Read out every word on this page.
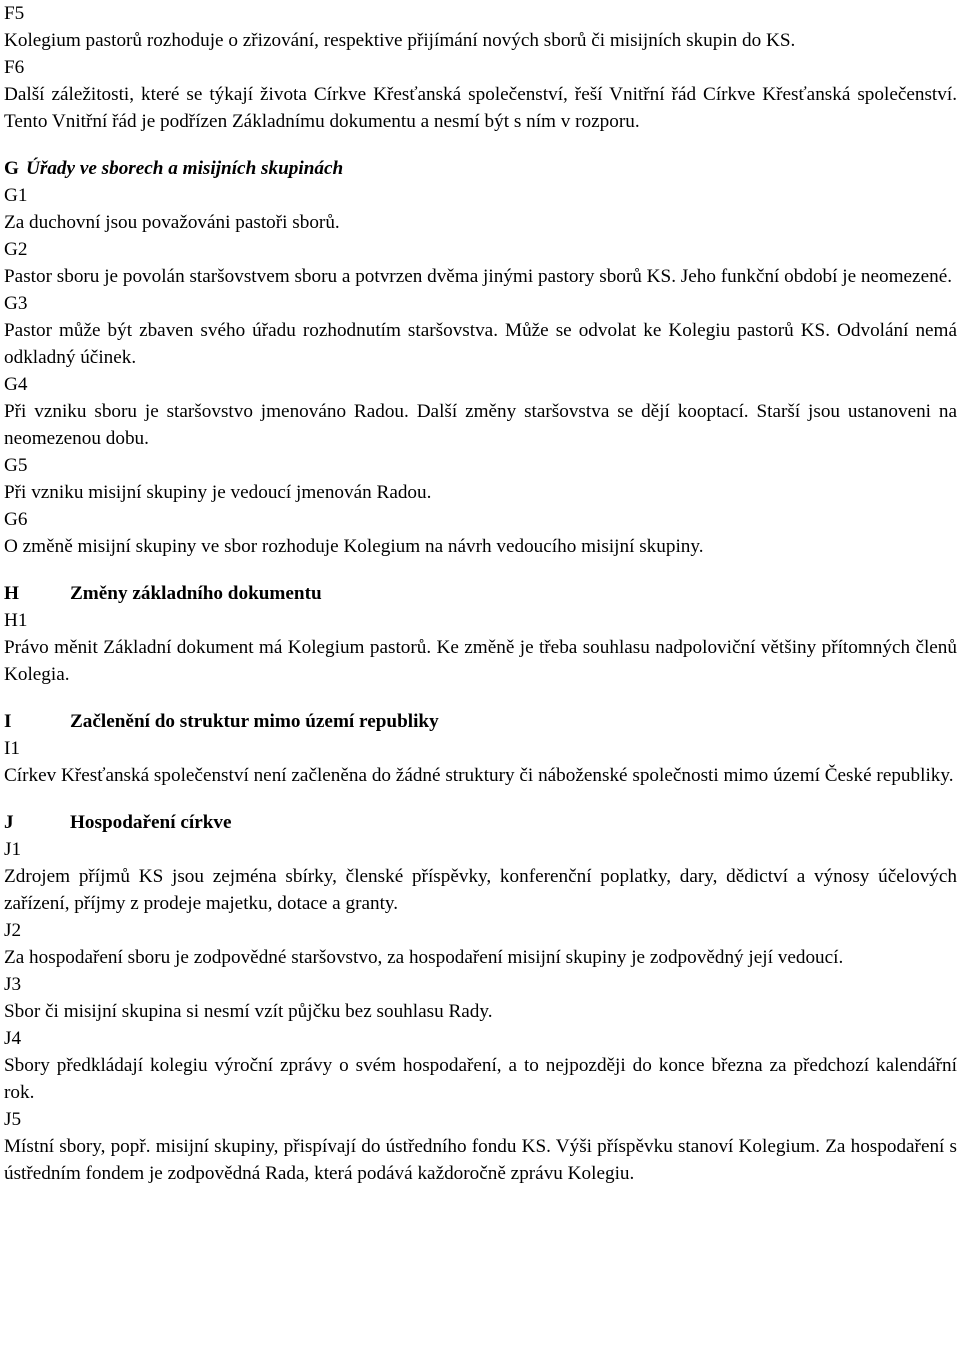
F5
Kolegium pastorů rozhoduje o zřizování, respektive přijímání nových sborů či misijních skupin do KS.
F6
Další záležitosti, které se týkají života Církve Křesťanská společenství, řeší Vnitřní řád Církve Křesťanská společenství. Tento Vnitřní řád je podřízen Základnímu dokumentu a nesmí být s ním v rozporu.
G Úřady ve sborech a misijních skupinách
G1
Za duchovní jsou považováni pastoři sborů.
G2
Pastor sboru je povolán staršovstvem sboru a potvrzen dvěma jinými pastory sborů KS. Jeho funkční období je neomezené.
G3
Pastor může být zbaven svého úřadu rozhodnutím staršovstva. Může se odvolat ke Kolegiu pastorů KS. Odvolání nemá odkladný účinek.
G4
Při vzniku sboru je staršovstvo jmenováno Radou. Další změny staršovstva se dějí kooptací. Starší jsou ustanoveni na neomezenou dobu.
G5
Při vzniku misijní skupiny je vedoucí jmenován Radou.
G6
O změně misijní skupiny ve sbor rozhoduje Kolegium na návrh vedoucího misijní skupiny.
H	Změny základního dokumentu
H1
Právo měnit Základní dokument má Kolegium pastorů. Ke změně je třeba souhlasu nadpoloviční většiny přítomných členů Kolegia.
I	Začlenění do struktur mimo území republiky
I1
Církev Křesťanská společenství není začleněna do žádné struktury či náboženské společnosti mimo území České republiky.
J	Hospodaření církve
J1
Zdrojem příjmů KS jsou zejména sbírky, členské příspěvky, konferenční poplatky, dary, dědictví a výnosy účelových zařízení, příjmy z prodeje majetku, dotace a granty.
J2
Za hospodaření sboru je zodpovědné staršovstvo, za hospodaření misijní skupiny je zodpovědný její vedoucí.
J3
Sbor či misijní skupina si nesmí vzít půjčku bez souhlasu Rady.
J4
Sbory předkládají kolegiu výroční zprávy o svém hospodaření, a to nejpozději do konce března za předchozí kalendářní rok.
J5
Místní sbory, popř. misijní skupiny, přispívají do ústředního fondu KS. Výši příspěvku stanoví Kolegium. Za hospodaření s ústředním fondem je zodpovědná Rada, která podává každoročně zprávu Kolegiu.
